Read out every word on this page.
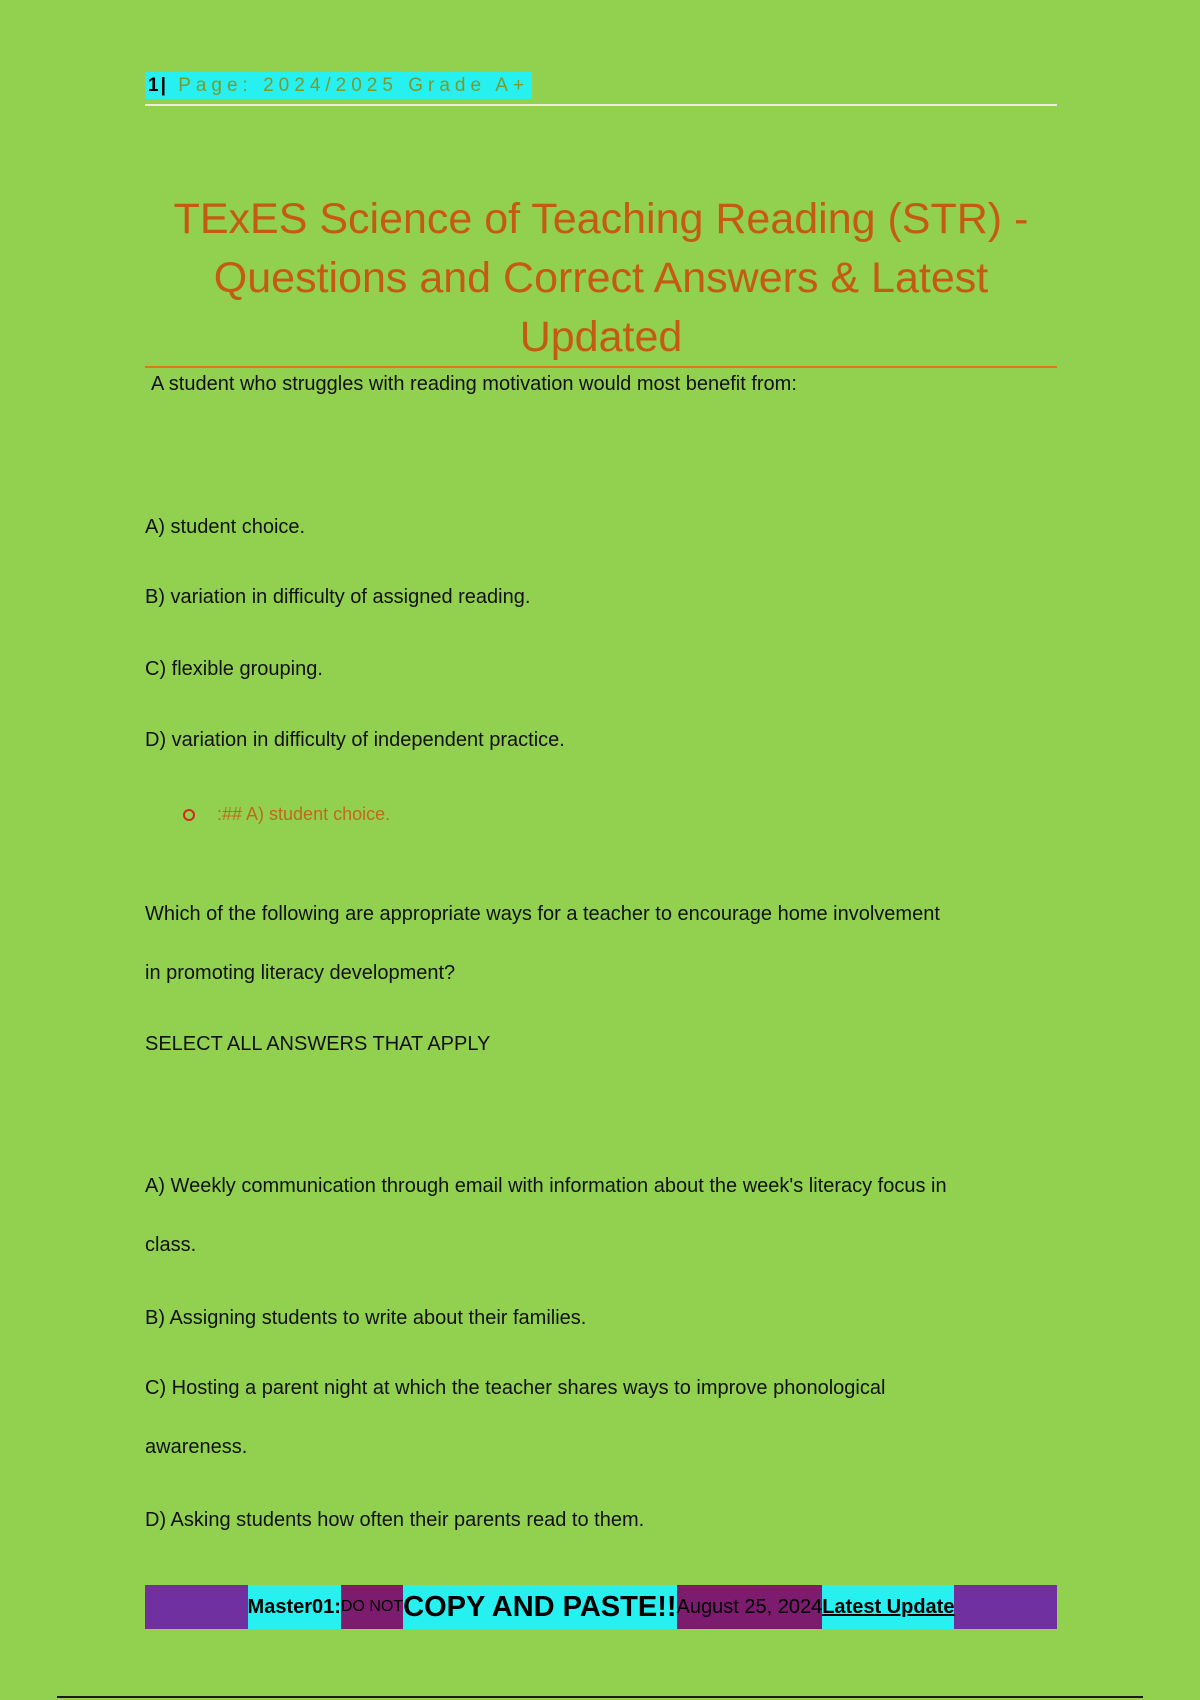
1| Page: 2024/2025 Grade A+
TExES Science of Teaching Reading (STR) -
Questions and Correct Answers & Latest
Updated
A student who struggles with reading motivation would most benefit from:
A) student choice.
B) variation in difficulty of assigned reading.
C) flexible grouping.
D) variation in difficulty of independent practice.
:## A) student choice.
Which of the following are appropriate ways for a teacher to encourage home involvement
in promoting literacy development?
SELECT ALL ANSWERS THAT APPLY
A) Weekly communication through email with information about the week's literacy focus in
class.
B) Assigning students to write about their families.
C) Hosting a parent night at which the teacher shares ways to improve phonological
awareness.
D) Asking students how often their parents read to them.
Master01: DO NOT COPY AND PASTE!! August 25, 2024 Latest Update
